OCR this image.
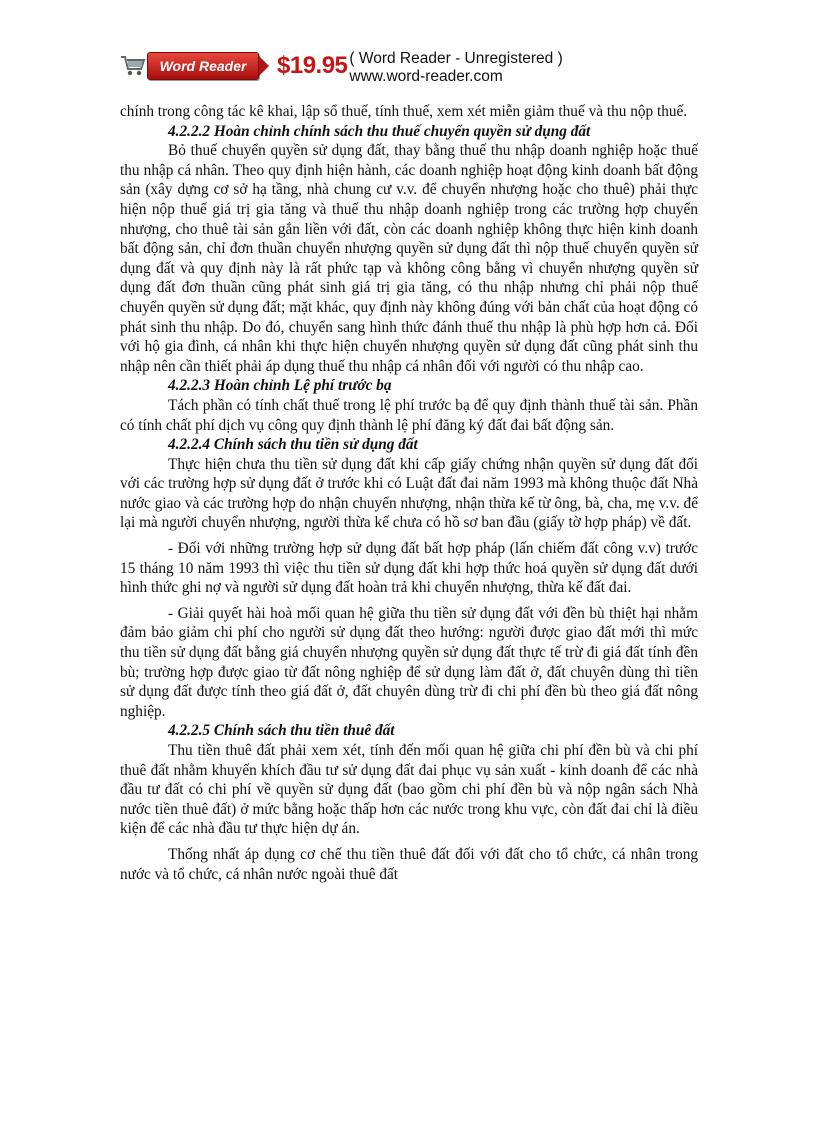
Word Reader	$19.95 ( Word Reader - Unregistered )
www.word-reader.com

chính trong công tác kê khai, lập sổ thuế, tính thuế, xem xét miễn giảm thuế và thu nộp thuế.

4.2.2.2 Hoàn chỉnh chính sách thu thuế chuyển quyền sử dụng đất

Bỏ thuế chuyển quyền sử dụng đất, thay bằng thuế thu nhập doanh nghiệp hoặc thuế thu nhập cá nhân. Theo quy định hiện hành, các doanh nghiệp hoạt động kinh doanh bất động sản (xây dựng cơ sở hạ tầng, nhà chung cư v.v. để chuyển nhượng hoặc cho thuê) phải thực hiện nộp thuế giá trị gia tăng và thuế thu nhập doanh nghiệp trong các trường hợp chuyển nhượng, cho thuê tài sản gắn liền với đất, còn các doanh nghiệp không thực hiện kinh doanh bất động sản, chỉ đơn thuần chuyển nhượng quyền sử dụng đất thì nộp thuế chuyển quyền sử dụng đất và quy định này là rất phức tạp và không công bằng vì chuyển nhượng quyền sử dụng đất đơn thuần cũng phát sinh giá trị gia tăng, có thu nhập nhưng chỉ phải nộp thuế chuyển quyền sử dụng đất; mặt khác, quy định này không đúng với bản chất của hoạt động có phát sinh thu nhập. Do đó, chuyển sang hình thức đánh thuế thu nhập là phù hợp hơn cả. Đối với hộ gia đình, cá nhân khi thực hiện chuyển nhượng quyền sử dụng đất cũng phát sinh thu nhập nên cần thiết phải áp dụng thuế thu nhập cá nhân đối với người có thu nhập cao.

4.2.2.3 Hoàn chỉnh Lệ phí trước bạ

Tách phần có tính chất thuế trong lệ phí trước bạ để quy định thành thuế tài sản. Phần có tính chất phí dịch vụ công quy định thành lệ phí đăng ký đất đai bất động sản.

4.2.2.4 Chính sách thu tiền sử dụng đất

Thực hiện chưa thu tiền sử dụng đất khi cấp giấy chứng nhận quyền sử dụng đất đối với các trường hợp sử dụng đất ở trước khi có Luật đất đai năm 1993 mà không thuộc đất Nhà nước giao và các trường hợp do nhận chuyển nhượng, nhận thừa kế từ ông, bà, cha, mẹ v.v. để lại mà người chuyển nhượng, người thừa kế chưa có hồ sơ ban đầu (giấy tờ hợp pháp) về đất.

- Đối với những trường hợp sử dụng đất bất hợp pháp (lấn chiếm đất công v.v) trước 15 tháng 10 năm 1993 thì việc thu tiền sử dụng đất khi hợp thức hoá quyền sử dụng đất dưới hình thức ghi nợ và người sử dụng đất hoàn trả khi chuyển nhượng, thừa kế đất đai.

- Giải quyết hài hoà mối quan hệ giữa thu tiền sử dụng đất với đền bù thiệt hại nhằm đảm bảo giảm chi phí cho người sử dụng đất theo hướng: người được giao đất mới thì mức thu tiền sử dụng đất bằng giá chuyển nhượng quyền sử dụng đất thực tế trừ đi giá đất tính đền bù; trường hợp được giao từ đất nông nghiệp để sử dụng làm đất ở, đất chuyên dùng thì tiền sử dụng đất được tính theo giá đất ở, đất chuyên dùng trừ đi chi phí đền bù theo giá đất nông nghiệp.

4.2.2.5 Chính sách thu tiền thuê đất

Thu tiền thuê đất phải xem xét, tính đến mối quan hệ giữa chi phí đền bù và chi phí thuê đất nhằm khuyến khích đầu tư sử dụng đất đai phục vụ sản xuất - kinh doanh để các nhà đầu tư đất có chi phí về quyền sử dụng đất (bao gồm chi phí đền bù và nộp ngân sách Nhà nước tiền thuê đất) ở mức bằng hoặc thấp hơn các nước trong khu vực, còn đất đai chỉ là điều kiện để các nhà đầu tư thực hiện dự án.

Thống nhất áp dụng cơ chế thu tiền thuê đất đối với đất cho tổ chức, cá nhân trong nước và tổ chức, cá nhân nước ngoài thuê đất
